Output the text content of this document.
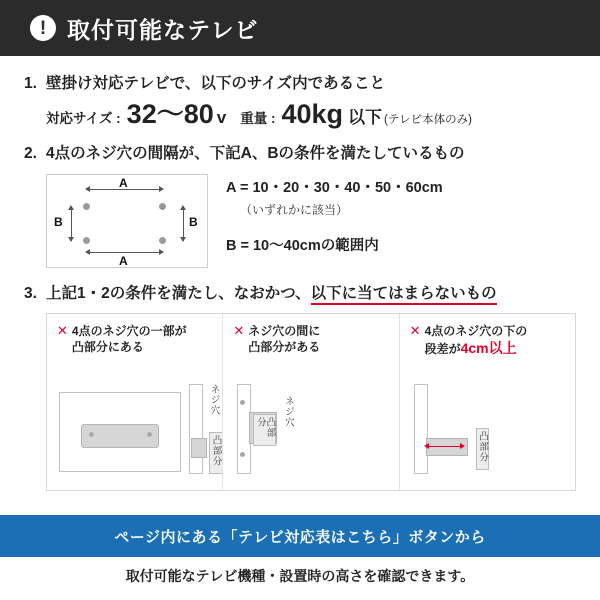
! 取付可能なテレビ
1. 壁掛け対応テレビで、以下のサイズ内であること
対応サイズ : 32〜80 v 重量 : 40kg 以下 (テレビ本体のみ)
2. 4点のネジ穴の間隔が、下記A、Bの条件を満たしているもの
A
A
B	B
A = 10・20・30・40・50・60cm
（いずれかに該当）
B = 10〜40cmの範囲内
3. 上記1・2の条件を満たし、なおかつ、以下に当てはまらないもの
✕ 4点のネジ穴の一部が
凸部分にある
ネジ穴
凸部分
✕ ネジ穴の間に
凸部分がある
凸部分	ネジ穴
✕ 4点のネジ穴の下の
段差が4cm以上
凸部分
ページ内にある「テレビ対応表はこちら」ボタンから
取付可能なテレビ機種・設置時の高さを確認できます。
